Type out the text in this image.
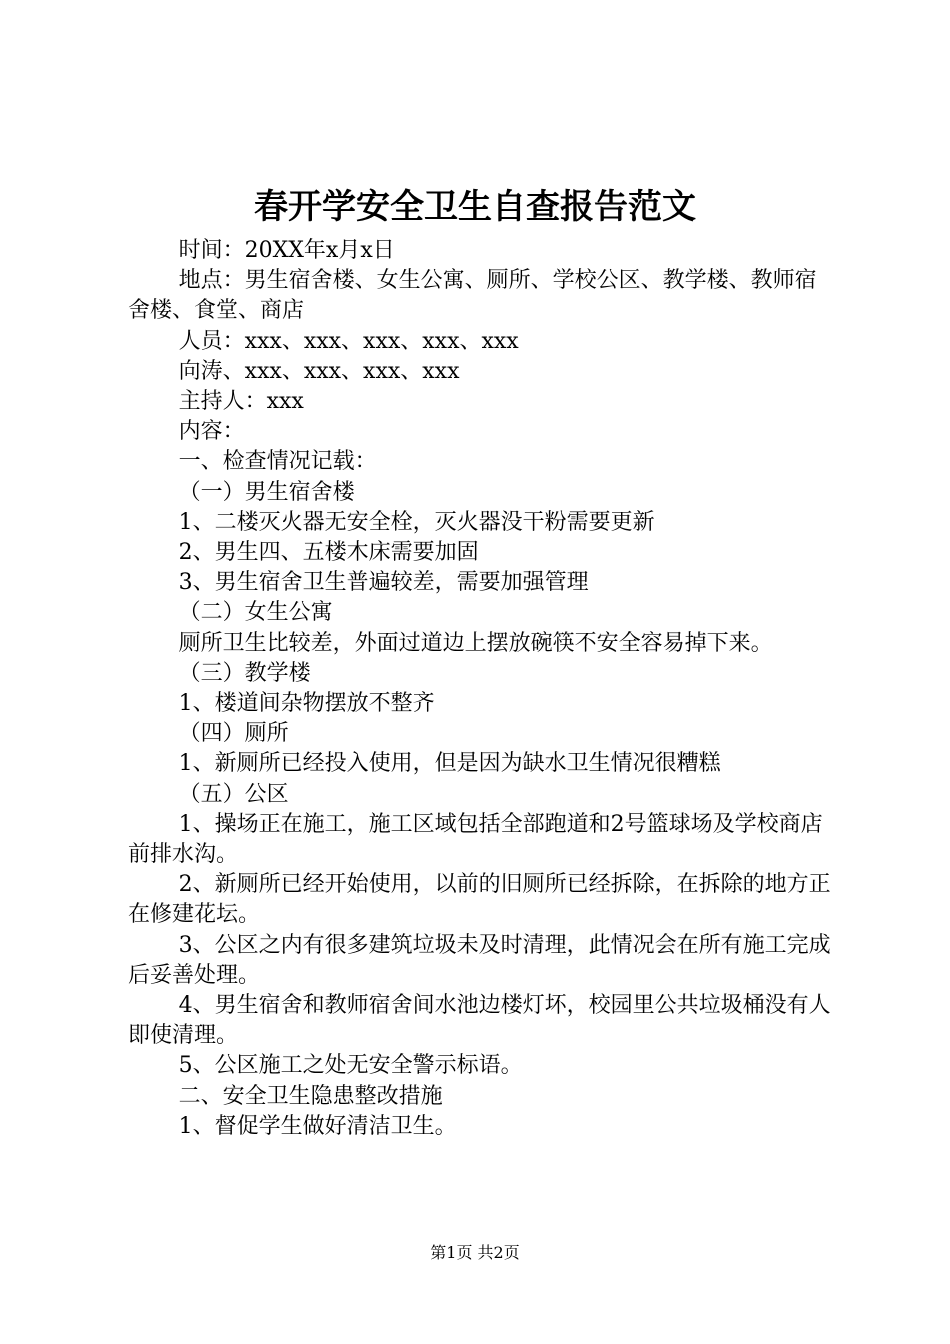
春开学安全卫生自查报告范文

时间：20XX年x月x日

地点：男生宿舍楼、女生公寓、厕所、学校公区、教学楼、教师宿舍楼、食堂、商店

人员：xxx、xxx、xxx、xxx、xxx

向涛、xxx、xxx、xxx、xxx

主持人：xxx

内容：

一、检查情况记载：

（一）男生宿舍楼

1、二楼灭火器无安全栓，灭火器没干粉需要更新

2、男生四、五楼木床需要加固

3、男生宿舍卫生普遍较差，需要加强管理

（二）女生公寓

厕所卫生比较差，外面过道边上摆放碗筷不安全容易掉下来。

（三）教学楼

1、楼道间杂物摆放不整齐

（四）厕所

1、新厕所已经投入使用，但是因为缺水卫生情况很糟糕

（五）公区

1、操场正在施工，施工区域包括全部跑道和2号篮球场及学校商店前排水沟。

2、新厕所已经开始使用，以前的旧厕所已经拆除，在拆除的地方正在修建花坛。

3、公区之内有很多建筑垃圾未及时清理，此情况会在所有施工完成后妥善处理。

4、男生宿舍和教师宿舍间水池边楼灯坏，校园里公共垃圾桶没有人即使清理。

5、公区施工之处无安全警示标语。

二、安全卫生隐患整改措施

1、督促学生做好清洁卫生。

第1页 共2页
